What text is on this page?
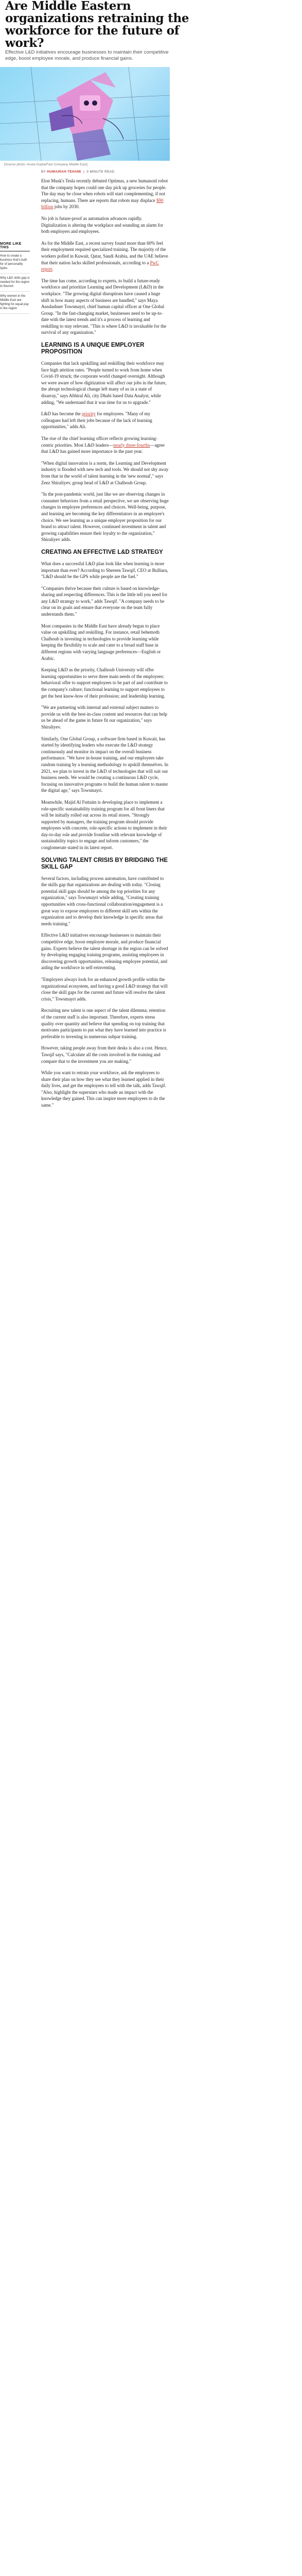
Are Middle Eastern organizations retraining the workforce for the future of work?

Effective L&D initiatives encourage businesses to maintain their competitive edge, boost employee morale, and produce financial gains.

[Source photo: Anuta Gupta/Fast Company Middle East]

MORE LIKE THIS
How to create a business that's built for of personality types
Why L&D skills gap is needed for the region to flourish
Why women in the Middle East are fighting for equal pay in the region
BY HUMAIRAH TEHAMI  |  3 MINUTE READ

Elon Musk's Tesla recently debuted Optimus, a new humanoid robot that the company hopes could one day pick up groceries for people. The day may be close when robots will start complementing, if not replacing, humans. There are reports that robots may displace $90 billion jobs by 2030.

No job is future-proof as automation advances rapidly. Digitalization is altering the workplace and sounding an alarm for both employers and employees.

As for the Middle East, a recent survey found more than 60% feel their employment required specialized training. The majority of the workers polled in Kuwait, Qatar, Saudi Arabia, and the UAE believe that their nation lacks skilled professionals, according to a PwC report.

The time has come, according to experts, to build a future-ready workforce and prioritize Learning and Development (L&D) in the workplace. "The growing digital disruptions have caused a huge shift in how many aspects of business are handled," says Maya Ansdashner Towsmayri, chief human capital officer at One Global Group. "In the fast-changing market, businesses need to be up-to-date with the latest trends and it's a process of learning and reskilling to stay relevant. "This is where L&D is invaluable for the survival of any organization."

LEARNING IS A UNIQUE EMPLOYER PROPOSITION

Companies that lack upskilling and reskilling their workforce may face high attrition rates. "People turned to work from home when Covid-19 struck; the corporate world changed overnight. Although we were aware of how digitization will affect our jobs in the future, the abrupt technological change left many of us in a state of disarray," says Abhiral Ali, city Dhabi based Data Analyst, while adding, "We understand that it was time for us to upgrade."

L&D has become the priority for employees. "Many of my colleagues had left their jobs because of the lack of learning opportunities," adds Ali.

The rise of the chief learning officer reflects growing learning-centric priorities. Most L&D leaders—nearly three-fourths—agree that L&D has gained more importance in the past year.

"When digital innovation is a norm, the Learning and Development industry is flooded with new tech and tools. We should not shy away from that in the world of talent learning in the 'new normal'," says Zeez Shiraliyev, group head of L&D at Chalhoub Group.

"In the post-pandemic world, just like we are observing changes in consumer behaviors from a retail perspective, we are observing huge changes in employee preferences and choices. Well-being, purpose, and learning are becoming the key differentiators in an employee's choice. We see learning as a unique employer proposition for our brand to attract talent. However, continued investment in talent and growing capabilities ensure their loyalty to the organization," Shiraliyev adds.

CREATING AN EFFECTIVE L&D STRATEGY

What does a successful L&D plan look like when learning is more important than ever? According to Shereen Tawqif, CEO at Bulliara, "L&D should be the GPS while people are the fuel."

"Companies thrive because their culture is based on knowledge-sharing and respecting differences. This is the little tell you need for any L&D strategy to work," adds Tawqif. "A company needs to be clear on its goals and ensure that everyone on the team fully understands them."

Most companies in the Middle East have already begun to place value on upskilling and reskilling. For instance, retail behemoth Chalhoub is investing in technologies to provide learning while keeping the flexibility to scale and cater to a broad staff base in different regions with varying language preferences—English or Arabic.

Keeping L&D as the priority, Chalhoub University will offer learning opportunities to serve three main needs of the employees: behavioral offer to support employees to be part of and contribute to the company's culture; functional learning to support employees to get the best know-how of their profession; and leadership learning.

"We are partnering with internal and external subject matters to provide us with the best-in-class content and resources that can help us be ahead of the game in future fit our organization," says Shiraliyev.

Similarly, One Global Group, a software firm based in Kuwait, has started by identifying leaders who execute the L&D strategy continuously and monitor its impact on the overall business performance. "We have in-house training, and our employees take random training by a learning methodology to upskill themselves. In 2021, we plan to invest in the L&D of technologies that will suit our business needs. We would be creating a continuous L&D cycle, focusing on innovative programs to build the human talent to master the digital age," says Towsmayri.

Meanwhile, Majid Al Futtaim is developing place to implement a role-specific sustainability training program for all front liners that will be initially rolled out across its retail stores. "Strongly supported by managers, the training program should provide employees with concrete, role-specific actions to implement in their day-to-day role and provide frontline with relevant knowledge of sustainability topics to engage and inform customers," the conglomerate stated in its latest report.

SOLVING TALENT CRISIS BY BRIDGING THE SKILL GAP

Several factors, including process automation, have contributed to the skills gap that organizations are dealing with today. "Closing potential skill gaps should be among the top priorities for any organization," says Towsmayri while adding, "Creating training opportunities with cross-functional collaboration/engagement is a great way to expose employees to different skill sets within the organization and to develop their knowledge in specific areas that needs training."

Effective L&D initiatives encourage businesses to maintain their competitive edge, boost employee morale, and produce financial gains. Experts believe the talent shortage in the region can be solved by developing engaging training programs, assisting employees in discovering growth opportunities, releasing employee potential, and aiding the workforce in self-reinventing.

"Employers always look for an enhanced growth profile within the organizational ecosystem, and having a good L&D strategy that will close the skill gaps for the current and future will resolve the talent crisis," Towsmayri adds.

Recruiting new talent is one aspect of the talent dilemma; retention of the current staff is also important. Therefore, experts stress quality over quantity and believe that spending on top training that motivates participants to put what they have learned into practice is preferable to investing in numerous subpar training.

However, taking people away from their desks is also a cost. Hence, Tawqif says, "Calculate all the costs involved in the training and compare that to the investment you are making."

While you want to retrain your workforce, ask the employees to share their plan on how they see what they learned applied in their daily lives, and get the employees to tell with the talk, adds Tawqif. "Also, highlight the superstars who made an impact with the knowledge they gained. This can inspire more employees to do the same."
